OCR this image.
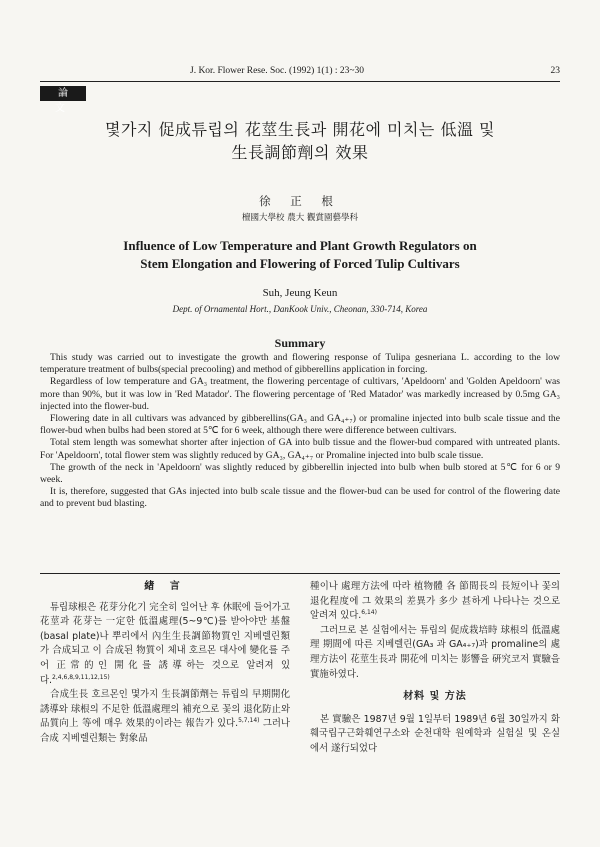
J. Kor. Flower Rese. Soc. (1992) 1(1) : 23~30	23
論 文
몇가지 促成튜립의 花莖生長과 開花에 미치는 低溫 및
生長調節劑의 效果
徐 正 根
檀國大學校 農大 觀賞園藝學科
Influence of Low Temperature and Plant Growth Regulators on
Stem Elongation and Flowering of Forced Tulip Cultivars
Suh, Jeung Keun
Dept. of Ornamental Hort., DanKook Univ., Cheonan, 330-714, Korea
Summary

This study was carried out to investigate the growth and flowering response of Tulipa gesneriana L. according to the low temperature treatment of bulbs(special precooling) and method of gibberellins application in forcing.

Regardless of low temperature and GA₃ treatment, the flowering percentage of cultivars, 'Apeldoorn' and 'Golden Apeldoorn' was more than 90%, but it was low in 'Red Matador'. The flowering percentage of 'Red Matador' was markedly increased by 0.5mg GA₃ injected into the flower-bud.

Flowering date in all cultivars was advanced by gibberellins(GA₃ and GA₄₊₇) or promaline injected into bulb scale tissue and the flower-bud when bulbs had been stored at 5℃ for 6 week, although there were difference between cultivars.

Total stem length was somewhat shorter after injection of GA into bulb tissue and the flower-bud compared with untreated plants. For 'Apeldoorn', total flower stem was slightly reduced by GA₃, GA₄₊₇ or Promaline injected into bulb scale tissue.

The growth of the neck in 'Apeldoorn' was slightly reduced by gibberellin injected into bulb when bulb stored at 5℃ for 6 or 9 week.

It is, therefore, suggested that GAs injected into bulb scale tissue and the flower-bud can be used for control of the flowering date and to prevent bud blasting.

緖 言

튜립球根은 花芽分化기 完全히 일어난 후 休眠에 들어가고 花莖과 花芽는 一定한 低溫處理(5~9℃)를 받아야만 基盤(basal plate)나 뿌리에서 內生生長調節物質인 지베렐린類가 合成되고 이 合成된 物質이 체내 호르몬 대사에 變化를 주어 正常的인 開化를 誘導하는 것으로 알려져 있다.$^{2,4,6,8,9,11,12,15)}$

合成生長 호르몬인 몇가지 生長調節劑는 튜립의 早期開化 誘導와 球根의 不足한 低溫處理의 補充으로 꽃의 退化防止와 品質向上 等에 매우 效果的이라는 報告가 있다.$^{5,7,14)}$ 그러나 合成 지베렐린類는 對象品

種이나 處理方法에 따라 植物體 各 節間長의 長短이나 꽃의 退化程度에 그 效果의 差異가 多少 甚하게 나타나는 것으로 알려져 있다.$^{6,14)}$

그러므로 본 실험에서는 튜립의 促成栽培時 球根의 低溫處理 期間에 따른 지베렐린(GA₃ 과 GA₄₊₇)과 promaline의 處理方法이 花莖生長과 開花에 미치는 影響을 硏究코저 實驗을 實施하였다.

材料 및 方法

본 實驗은 1987년 9월 1일부터 1989년 6월 30일까지 화훼국립구근화훼연구소와 순천대학 원예학과 실험실 및 온실에서 遂行되었다
